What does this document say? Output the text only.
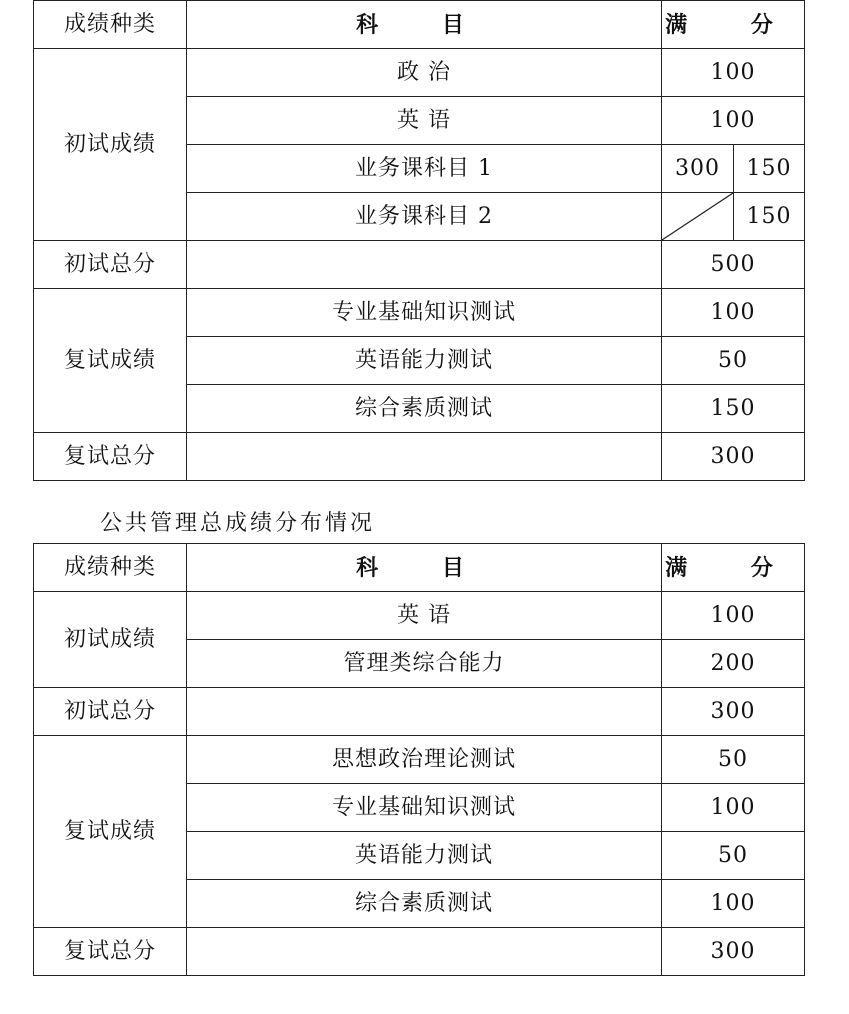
成绩种类	科 目	满 分	
初试成绩	政 治	100	
	英 语	100	
	业务课科目 1	300	150
	业务课科目 2		150
初试总分		500	
复试成绩	专业基础知识测试	100	
	英语能力测试	50	
	综合素质测试	150	
复试总分		300	

公共管理总成绩分布情况

成绩种类	科 目	满 分
初试成绩	英 语	100
	管理类综合能力	200
初试总分		300
复试成绩	思想政治理论测试	50
	专业基础知识测试	100
	英语能力测试	50
	综合素质测试	100
复试总分		300
